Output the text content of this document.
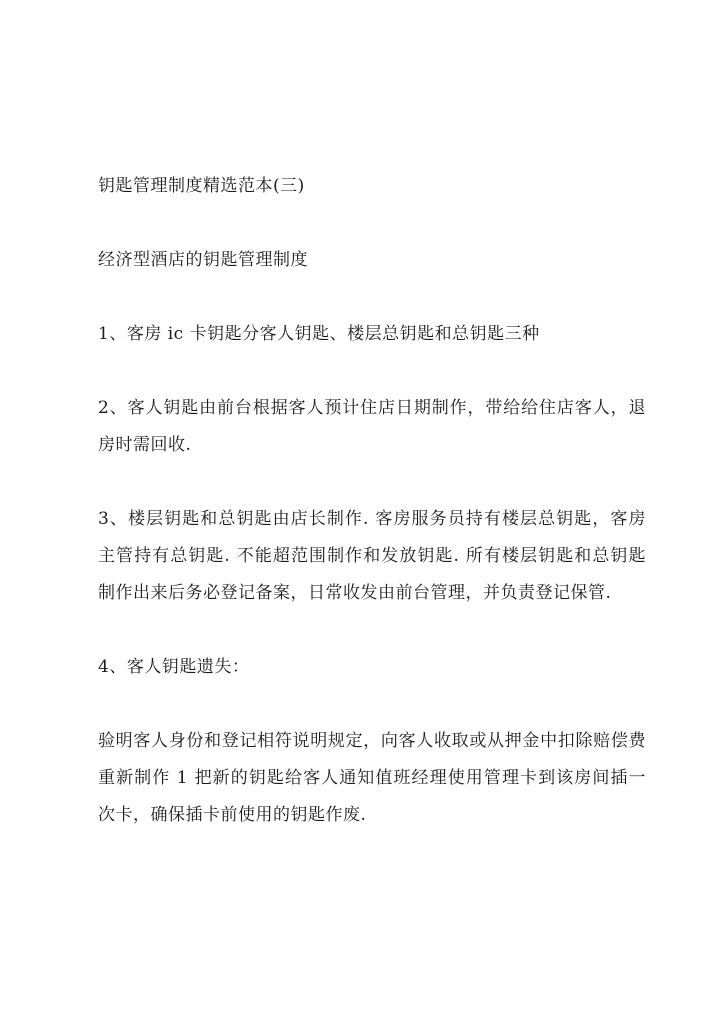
钥匙管理制度精选范本(三)

经济型酒店的钥匙管理制度

1、客房 ic 卡钥匙分客人钥匙、楼层总钥匙和总钥匙三种

2、客人钥匙由前台根据客人预计住店日期制作，带给给住店客人，退房时需回收.

3、楼层钥匙和总钥匙由店长制作. 客房服务员持有楼层总钥匙，客房主管持有总钥匙. 不能超范围制作和发放钥匙. 所有楼层钥匙和总钥匙制作出来后务必登记备案，日常收发由前台管理，并负责登记保管.

4、客人钥匙遗失：

验明客人身份和登记相符说明规定，向客人收取或从押金中扣除赔偿费重新制作 1 把新的钥匙给客人通知值班经理使用管理卡到该房间插一次卡，确保插卡前使用的钥匙作废.
